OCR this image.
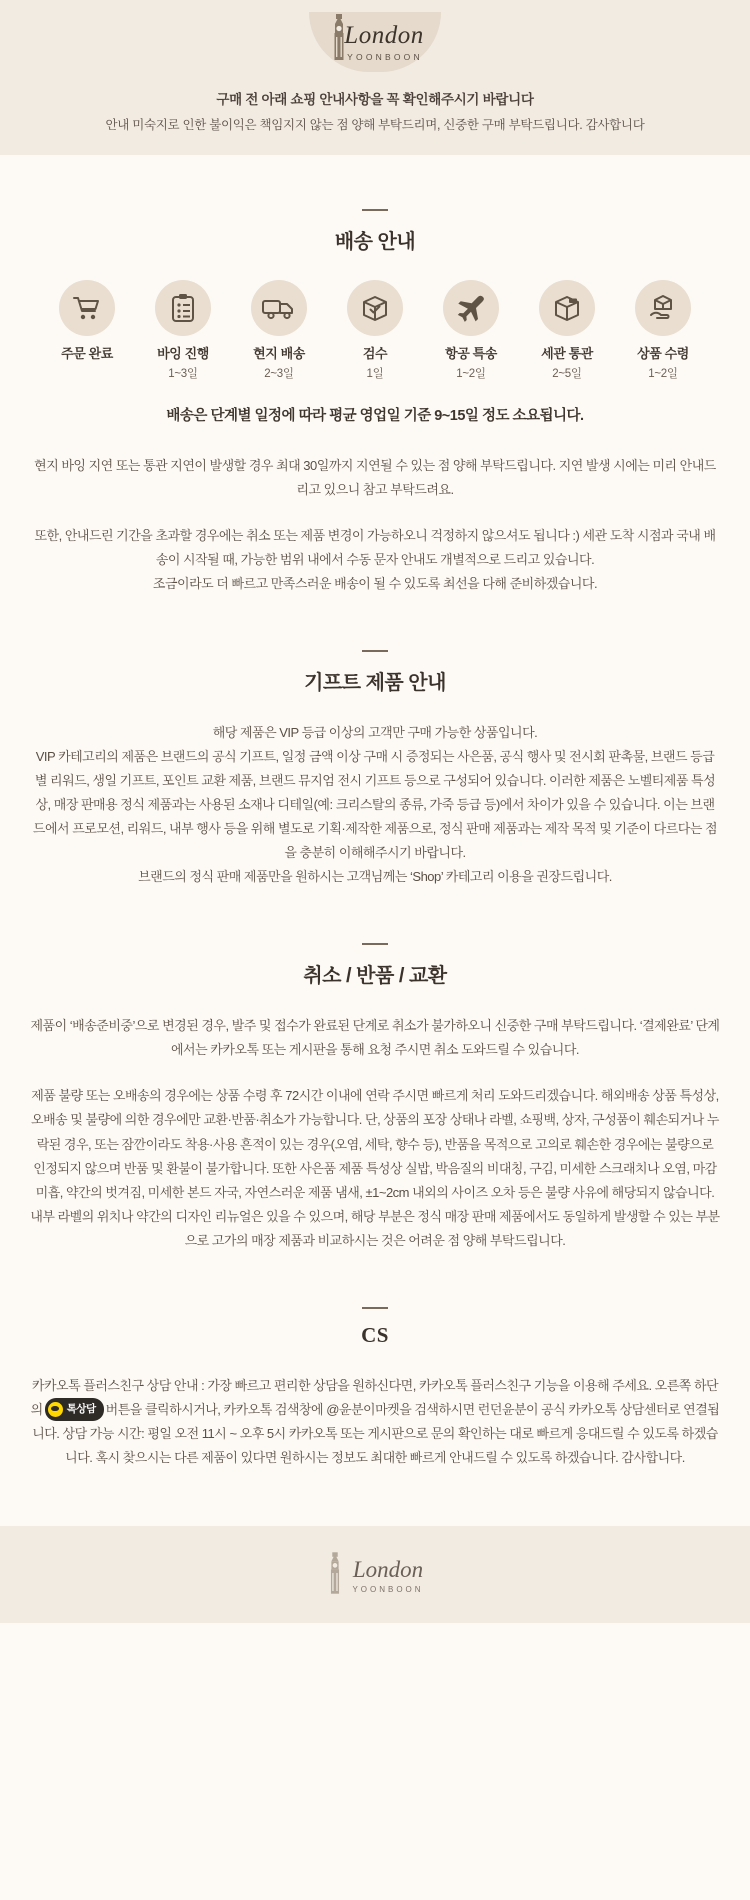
London
YOONBOON
구매 전 아래 쇼핑 안내사항을 꼭 확인해주시기 바랍니다
안내 미숙지로 인한 불이익은 책임지지 않는 점 양해 부탁드리며, 신중한 구매 부탁드립니다. 감사합니다
배송 안내
주문 완료	바잉 진행
1~3일
현지 배송
2~3일
검수
1일
항공 특송
1~2일
세관 통관
2~5일
상품 수령
1~2일
배송은 단계별 일정에 따라 평균 영업일 기준 9~15일 정도 소요됩니다.

현지 바잉 지연 또는 통관 지연이 발생할 경우 최대 30일까지 지연될 수 있는 점 양해 부탁드립니다. 지연 발생 시에는 미리 안내드리고 있으니 참고 부탁드려요.

또한, 안내드린 기간을 초과할 경우에는 취소 또는 제품 변경이 가능하오니 걱정하지 않으셔도 됩니다 :) 세관 도착 시점과 국내 배송이 시작될 때, 가능한 범위 내에서 수동 문자 안내도 개별적으로 드리고 있습니다.

조금이라도 더 빠르고 만족스러운 배송이 될 수 있도록 최선을 다해 준비하겠습니다.

기프트 제품 안내

해당 제품은 VIP 등급 이상의 고객만 구매 가능한 상품입니다.

VIP 카테고리의 제품은 브랜드의 공식 기프트, 일정 금액 이상 구매 시 증정되는 사은품, 공식 행사 및 전시회 판촉물, 브랜드 등급별 리워드, 생일 기프트, 포인트 교환 제품, 브랜드 뮤지엄 전시 기프트 등으로 구성되어 있습니다. 이러한 제품은 노벨티제품 특성상, 매장 판매용 정식 제품과는 사용된 소재나 디테일(예: 크리스탈의 종류, 가죽 등급 등)에서 차이가 있을 수 있습니다. 이는 브랜드에서 프로모션, 리워드, 내부 행사 등을 위해 별도로 기획·제작한 제품으로, 정식 판매 제품과는 제작 목적 및 기준이 다르다는 점을 충분히 이해해주시기 바랍니다.

브랜드의 정식 판매 제품만을 원하시는 고객님께는 ‘Shop’ 카테고리 이용을 권장드립니다.

취소 / 반품 / 교환

제품이 ‘배송준비중’으로 변경된 경우, 발주 및 접수가 완료된 단계로 취소가 불가하오니 신중한 구매 부탁드립니다. ‘결제완료’ 단계에서는 카카오톡 또는 게시판을 통해 요청 주시면 취소 도와드릴 수 있습니다.

제품 불량 또는 오배송의 경우에는 상품 수령 후 72시간 이내에 연락 주시면 빠르게 처리 도와드리겠습니다. 해외배송 상품 특성상, 오배송 및 불량에 의한 경우에만 교환·반품·취소가 가능합니다. 단, 상품의 포장 상태나 라벨, 쇼핑백, 상자, 구성품이 훼손되거나 누락된 경우, 또는 잠깐이라도 착용·사용 흔적이 있는 경우(오염, 세탁, 향수 등), 반품을 목적으로 고의로 훼손한 경우에는 불량으로 인정되지 않으며 반품 및 환불이 불가합니다. 또한 사은품 제품 특성상 실밥, 박음질의 비대칭, 구김, 미세한 스크래치나 오염, 마감 미흡, 약간의 벗겨짐, 미세한 본드 자국, 자연스러운 제품 냄새, ±1~2cm 내외의 사이즈 오차 등은 불량 사유에 해당되지 않습니다. 내부 라벨의 위치나 약간의 디자인 리뉴얼은 있을 수 있으며, 해당 부분은 정식 매장 판매 제품에서도 동일하게 발생할 수 있는 부분으로 고가의 매장 제품과 비교하시는 것은 어려운 점 양해 부탁드립니다.

CS

카카오톡 플러스친구 상담 안내 : 가장 빠르고 편리한 상담을 원하신다면, 카카오톡 플러스친구 기능을 이용해 주세요. 오른쪽 하단의 톡상담 버튼을 클릭하시거나, 카카오톡 검색창에 @윤분이마켓을 검색하시면 런던윤분이 공식 카카오톡 상담센터로 연결됩니다. 상담 가능 시간: 평일 오전 11시 ~ 오후 5시 카카오톡 또는 게시판으로 문의 확인하는 대로 빠르게 응대드릴 수 있도록 하겠습니다. 혹시 찾으시는 다른 제품이 있다면 원하시는 정보도 최대한 빠르게 안내드릴 수 있도록 하겠습니다. 감사합니다.

London
YOONBOON
